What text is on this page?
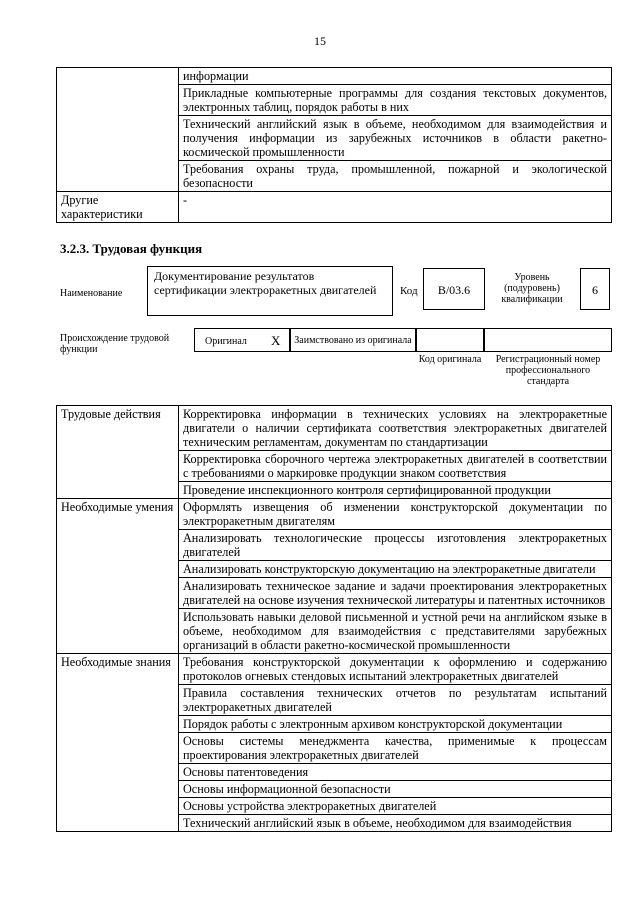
15
	информации
	Прикладные компьютерные программы для создания текстовых документов, электронных таблиц, порядок работы в них
	Технический английский язык в объеме, необходимом для взаимодействия и получения информации из зарубежных источников в области ракетно-космической промышленности
	Требования охраны труда, промышленной, пожарной и экологической безопасности
Другие характеристики	-
3.2.3. Трудовая функция
Наименование
Документирование результатов сертификации электроракетных двигателей	Код	B/03.6
Уровень (подуровень) квалификации
6
Происхождение трудовой функции
Оригинал X	Заимствовано из оригинала
Код оригинала	Регистрационный номер профессионального стандарта
Трудовые действия	Корректировка информации в технических условиях на электроракетные двигатели о наличии сертификата соответствия электроракетных двигателей техническим регламентам, документам по стандартизации
	Корректировка сборочного чертежа электроракетных двигателей в соответствии с требованиями о маркировке продукции знаком соответствия
	Проведение инспекционного контроля сертифицированной продукции
Необходимые умения	Оформлять извещения об изменении конструкторской документации по электроракетным двигателям
	Анализировать технологические процессы изготовления электроракетных двигателей
	Анализировать конструкторскую документацию на электроракетные двигатели
	Анализировать техническое задание и задачи проектирования электроракетных двигателей на основе изучения технической литературы и патентных источников
	Использовать навыки деловой письменной и устной речи на английском языке в объеме, необходимом для взаимодействия с представителями зарубежных организаций в области ракетно-космической промышленности
Необходимые знания	Требования конструкторской документации к оформлению и содержанию протоколов огневых стендовых испытаний электроракетных двигателей
	Правила составления технических отчетов по результатам испытаний электроракетных двигателей
	Порядок работы с электронным архивом конструкторской документации
	Основы системы менеджмента качества, применимые к процессам проектирования электроракетных двигателей
	Основы патентоведения
	Основы информационной безопасности
	Основы устройства электроракетных двигателей
	Технический английский язык в объеме, необходимом для взаимодействия
